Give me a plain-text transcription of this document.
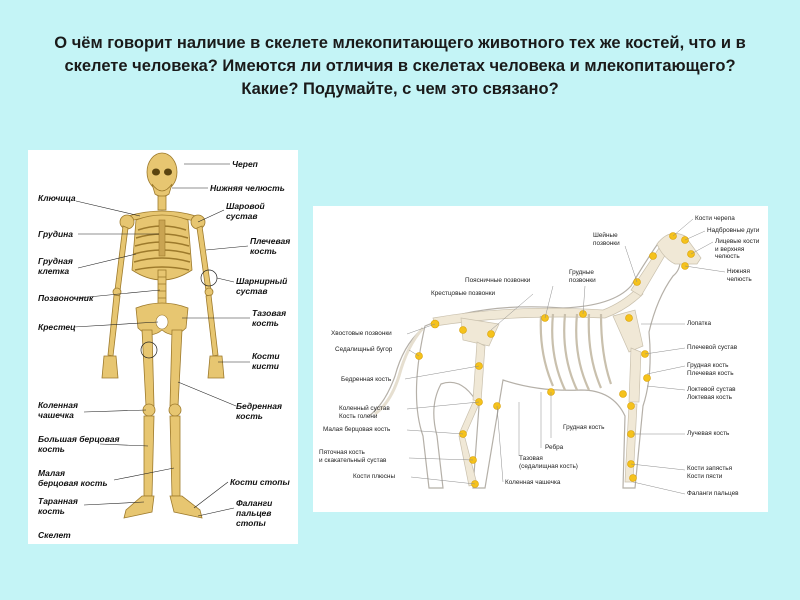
О чём говорит наличие в скелете млекопитающего животного тех же костей, что и в скелете человека? Имеются ли отличия в скелетах человека и млекопитающего? Какие? Подумайте, с чем это связано?
Ключица
Грудина
Грудная
клетка
Позвоночник
Крестец
Коленная
чашечка
Большая берцовая
кость
Малая
берцовая кость
Таранная
кость
Скелет
Череп
Нижняя челюсть
Шаровой
сустав
Плечевая
кость
Шарнирный
сустав
Тазовая
кость
Кости
кисти
Бедренная
кость
Кости стопы
Фаланги
пальцев
стопы
Хвостовые позвонки
Седалищный бугор
Бедренная кость
Коленный сустав
Кость голени
Малая берцовая кость
Пяточная кость
и скакательный сустав
Кости плюсны
Поясничные позвонки
Крестцовые позвонки
Грудные
позвонки
Шейные
позвонки
Грудная кость
Ребра
Тазовая
(седалищная кость)
Коленная чашечка
Кости черепа
Надбровные дуги
Лицевые кости
и верхняя челюсть
Нижняя челюсть
Лопатка
Плечевой сустав
Грудная кость
Плечевая кость
Локтевой сустав
Локтевая кость
Лучевая кость
Кости запястья
Кости пясти
Фаланги пальцев
